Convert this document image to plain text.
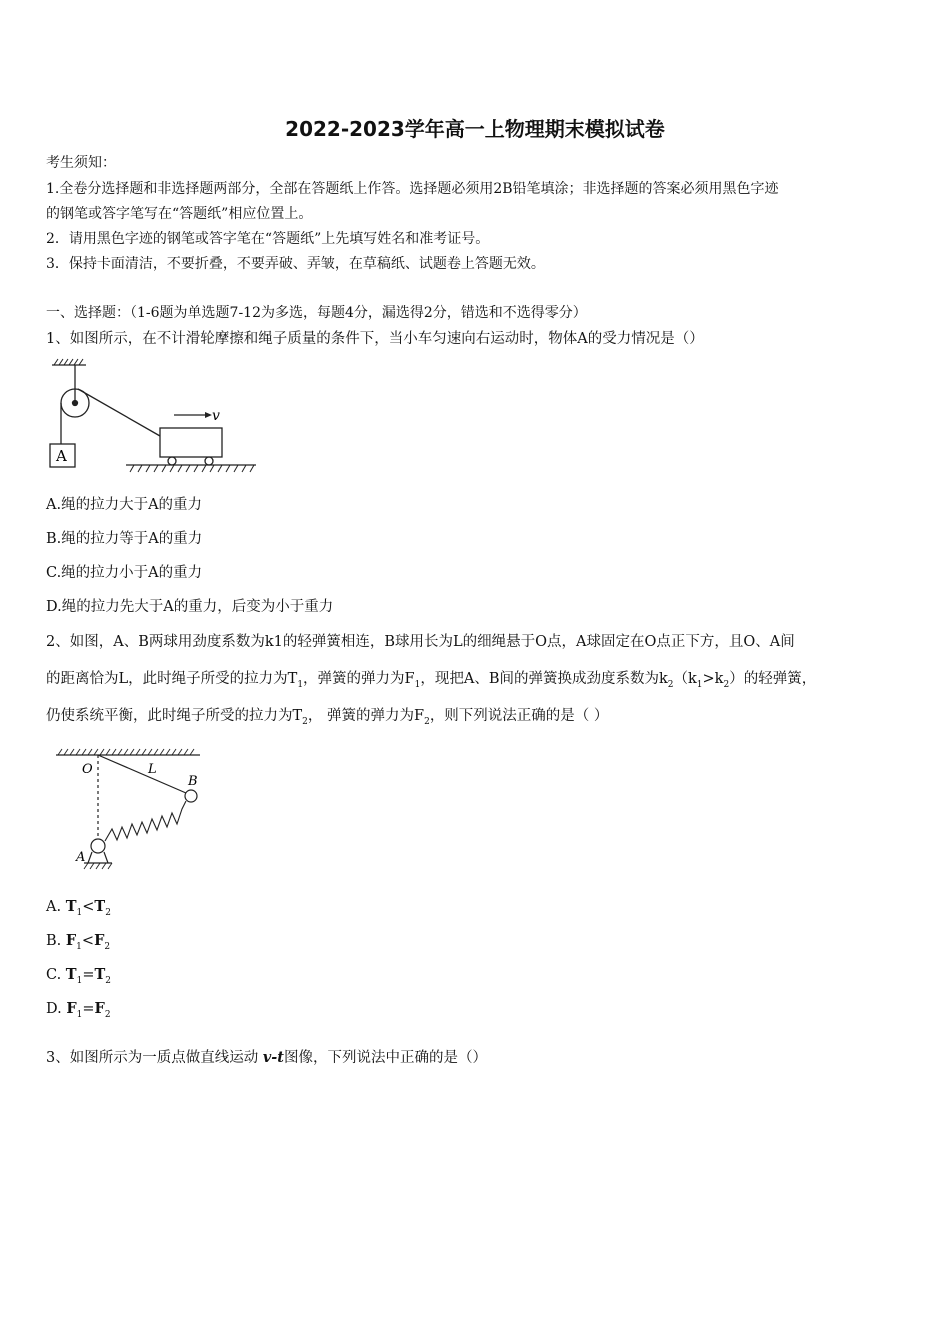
2022-2023学年高一上物理期末模拟试卷
考生须知：
1.全卷分选择题和非选择题两部分，全部在答题纸上作答。选择题必须用2B铅笔填涂；非选择题的答案必须用黑色字迹
的钢笔或答字笔写在“答题纸”相应位置上。
2．请用黑色字迹的钢笔或答字笔在“答题纸”上先填写姓名和准考证号。
3．保持卡面清洁，不要折叠，不要弄破、弄皱，在草稿纸、试题卷上答题无效。
一、选择题：（1-6题为单选题7-12为多选，每题4分，漏选得2分，错选和不选得零分）
1、如图所示，在不计滑轮摩擦和绳子质量的条件下，当小车匀速向右运动时，物体A的受力情况是（）
v
A
A.绳的拉力大于A的重力
B.绳的拉力等于A的重力
C.绳的拉力小于A的重力
D.绳的拉力先大于A的重力，后变为小于重力
2、如图，A、B两球用劲度系数为k1的轻弹簧相连，B球用长为L的细绳悬于O点，A球固定在O点正下方，且O、A间
的距离恰为L，此时绳子所受的拉力为$T_1$，弹簧的弹力为$F_1$，现把A、B间的弹簧换成劲度系数为$k_2(k_1>k_2)$的轻弹簧，
仍使系统平衡，此时绳子所受的拉力为$T_2$， 弹簧的弹力为$F_2$，则下列说法正确的是（ ）
O	L
B
A
A. $T_1<T_2$
B. $F_1<F_2$
C. $T_1=T_2$
D. $F_1=F_2$
3、如图所示为一质点做直线运动 v-t图像，下列说法中正确的是（）
